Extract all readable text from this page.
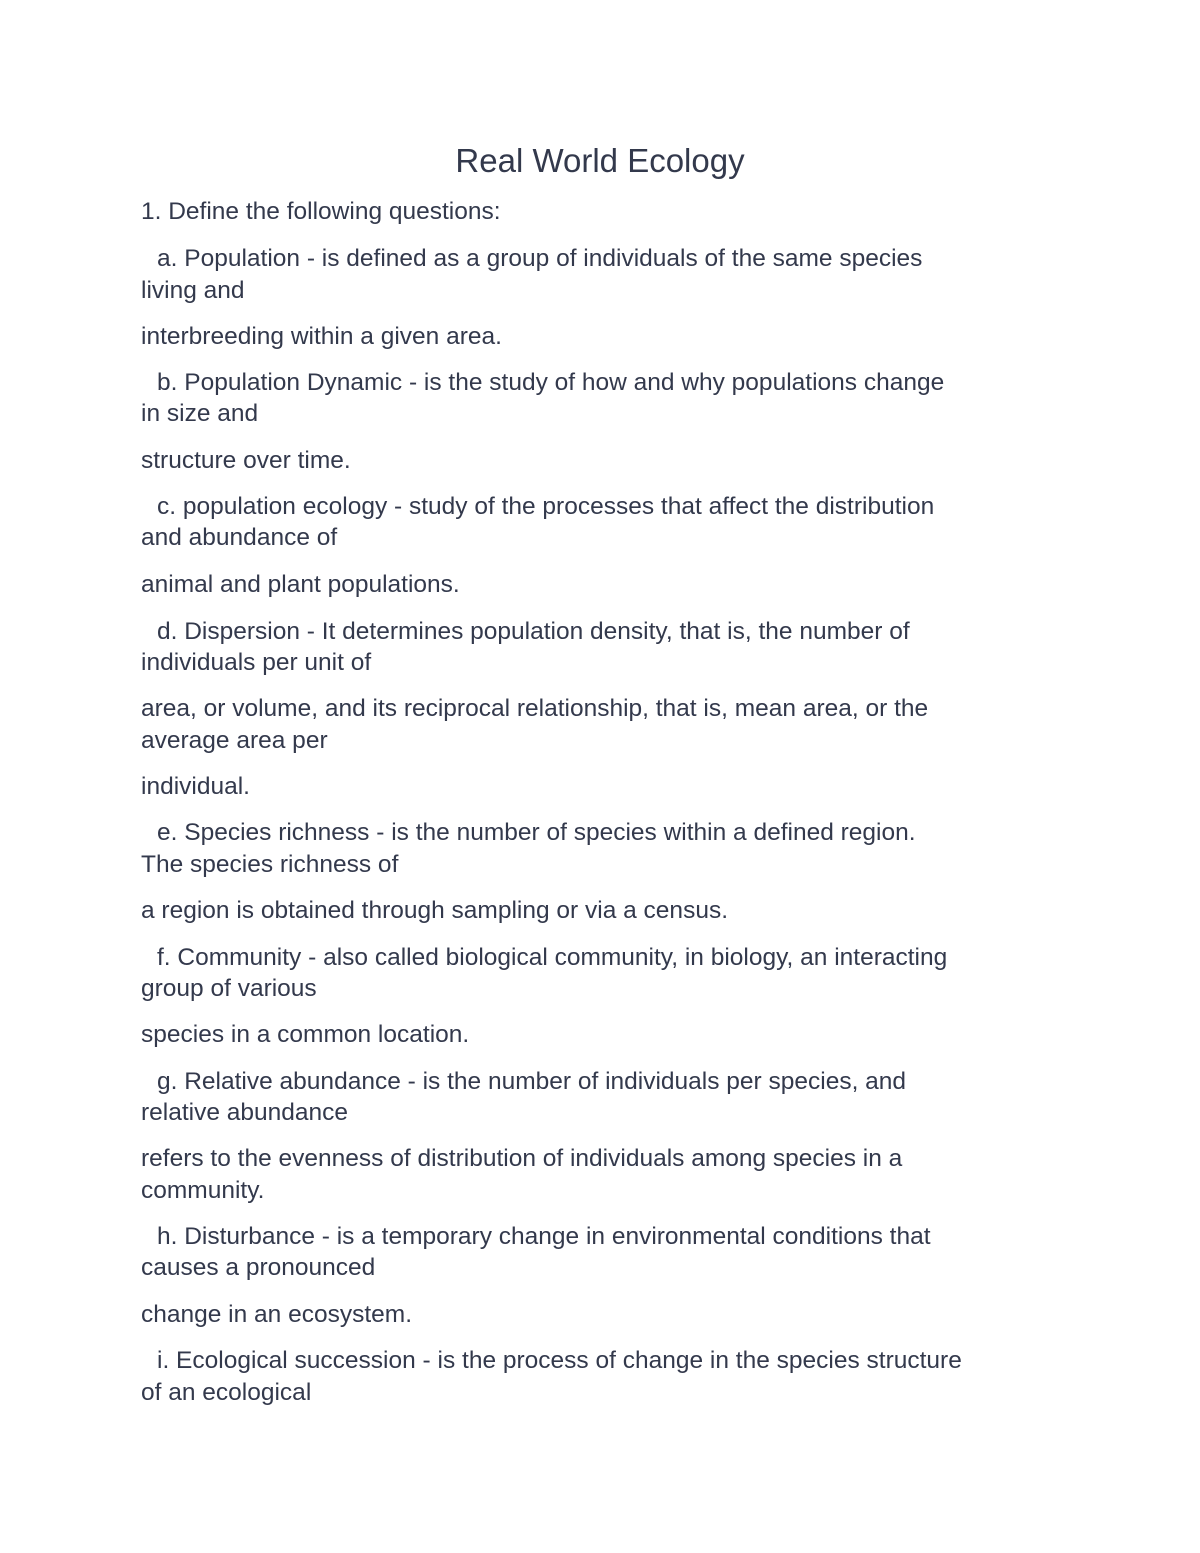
Real World Ecology

1. Define the following questions:

a. Population - is defined as a group of individuals of the same species

living and

interbreeding within a given area.

b. Population Dynamic - is the study of how and why populations change

in size and

structure over time.

c. population ecology - study of the processes that affect the distribution

and abundance of

animal and plant populations.

d. Dispersion - It determines population density, that is, the number of

individuals per unit of

area, or volume, and its reciprocal relationship, that is, mean area, or the

average area per

individual.

e. Species richness - is the number of species within a defined region.

The species richness of

a region is obtained through sampling or via a census.

f. Community - also called biological community, in biology, an interacting

group of various

species in a common location.

g. Relative abundance - is the number of individuals per species, and

relative abundance

refers to the evenness of distribution of individuals among species in a

community.

h. Disturbance - is a temporary change in environmental conditions that

causes a pronounced

change in an ecosystem.

i. Ecological succession - is the process of change in the species structure

of an ecological
